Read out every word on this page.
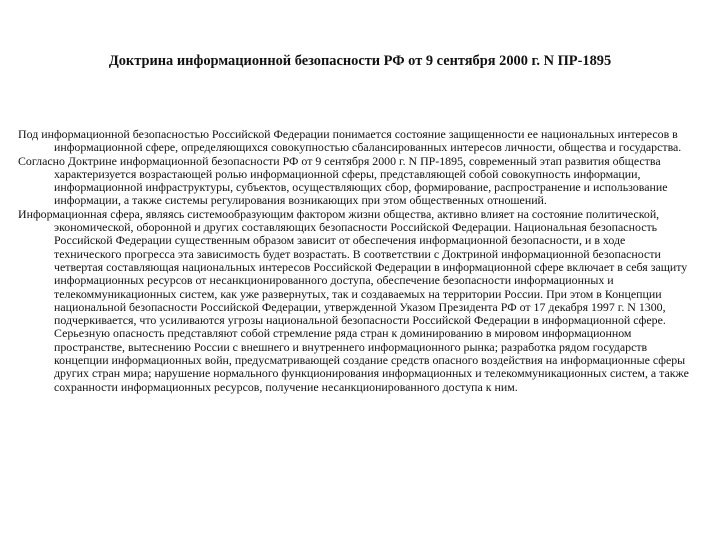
Доктрина информационной безопасности РФ от 9 сентября 2000 г. N ПР-1895

Под информационной безопасностью Российской Федерации понимается состояние защищенности ее национальных интересов в информационной сфере, определяющихся совокупностью сбалансированных интересов личности, общества и государства.

Согласно Доктрине информационной безопасности РФ от 9 сентября 2000 г. N ПР-1895, современный этап развития общества характеризуется возрастающей ролью информационной сферы, представляющей собой совокупность информации, информационной инфраструктуры, субъектов, осуществляющих сбор, формирование, распространение и использование информации, а также системы регулирования возникающих при этом общественных отношений.

Информационная сфера, являясь системообразующим фактором жизни общества, активно влияет на состояние политической, экономической, оборонной и других составляющих безопасности Российской Федерации. Национальная безопасность Российской Федерации существенным образом зависит от обеспечения информационной безопасности, и в ходе технического прогресса эта зависимость будет возрастать. В соответствии с Доктриной информационной безопасности четвертая составляющая национальных интересов Российской Федерации в информационной сфере включает в себя защиту информационных ресурсов от несанкционированного доступа, обеспечение безопасности информационных и телекоммуникационных систем, как уже развернутых, так и создаваемых на территории России. При этом в Концепции национальной безопасности Российской Федерации, утвержденной Указом Президента РФ от 17 декабря 1997 г. N 1300, подчеркивается, что усиливаются угрозы национальной безопасности Российской Федерации в информационной сфере.

Серьезную опасность представляют собой стремление ряда стран к доминированию в мировом информационном пространстве, вытеснению России с внешнего и внутреннего информационного рынка; разработка рядом государств концепции информационных войн, предусматривающей создание средств опасного воздействия на информационные сферы других стран мира; нарушение нормального функционирования информационных и телекоммуникационных систем, а также сохранности информационных ресурсов, получение несанкционированного доступа к ним.
